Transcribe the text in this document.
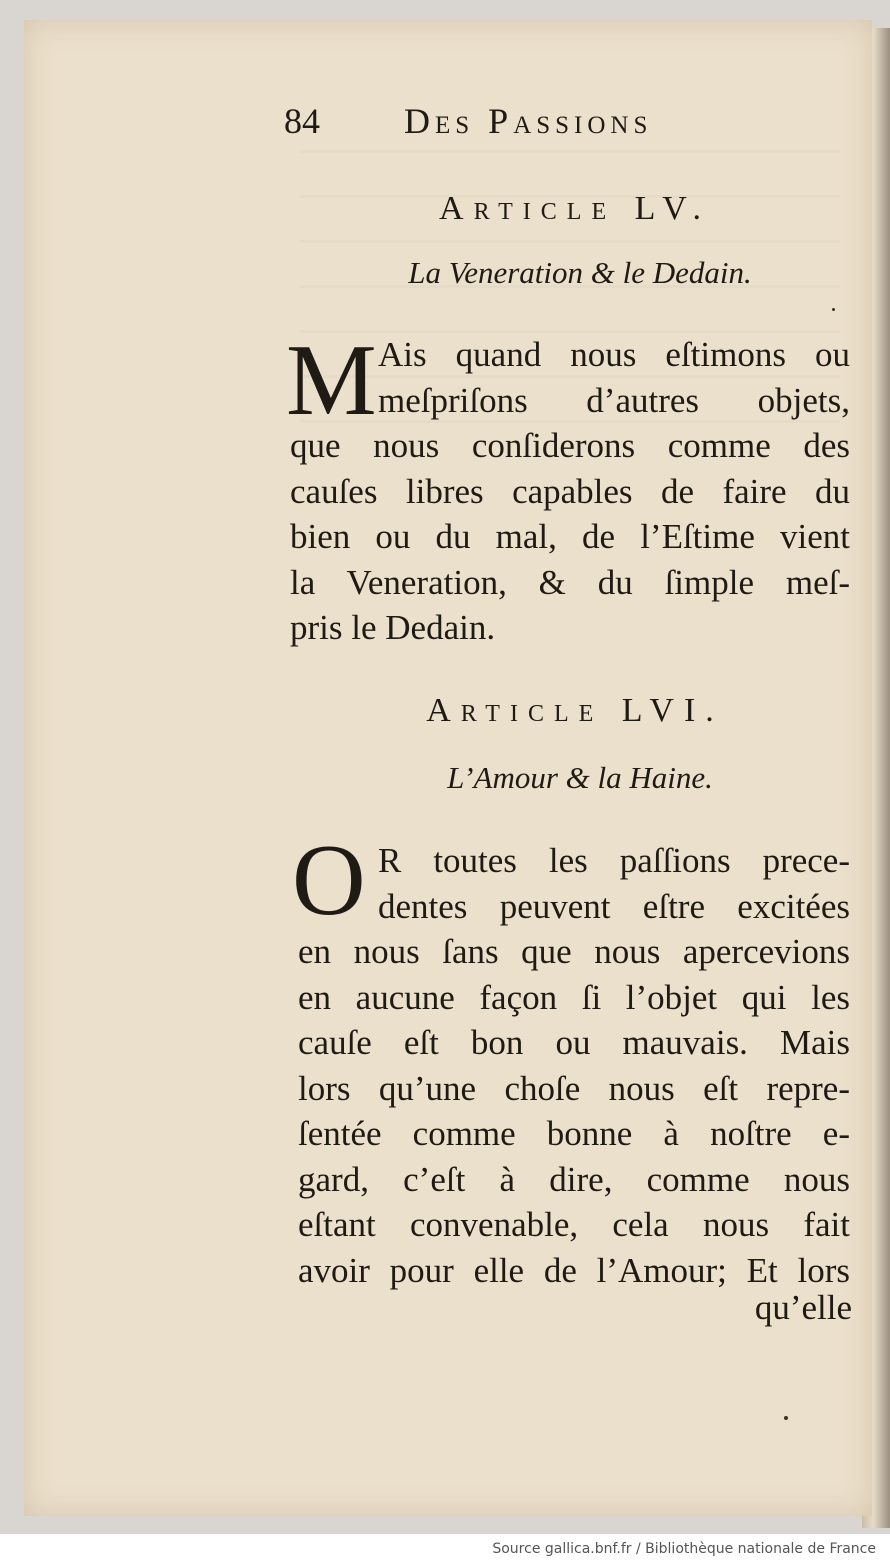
84 Des Passions
Article LV.
La Veneration & le Dedain.
M Ais quand nous eſtimons ou
meſpriſons d’autres objets,
que nous conſiderons comme des
cauſes libres capables de faire du
bien ou du mal, de l’Eſtime vient
la Veneration, & du ſimple meſ-
pris le Dedain.
Article LVI.
L’Amour & la Haine.
O R toutes les paſſions prece-
dentes peuvent eſtre excitées
en nous ſans que nous apercevions
en aucune façon ſi l’objet qui les
cauſe eſt bon ou mauvais. Mais
lors qu’une choſe nous eſt repre-
ſentée comme bonne à noſtre e-
gard, c’eſt à dire, comme nous
eſtant convenable, cela nous fait
avoir pour elle de l’Amour; Et lors
qu’elle
Source gallica.bnf.fr / Bibliothèque nationale de France
